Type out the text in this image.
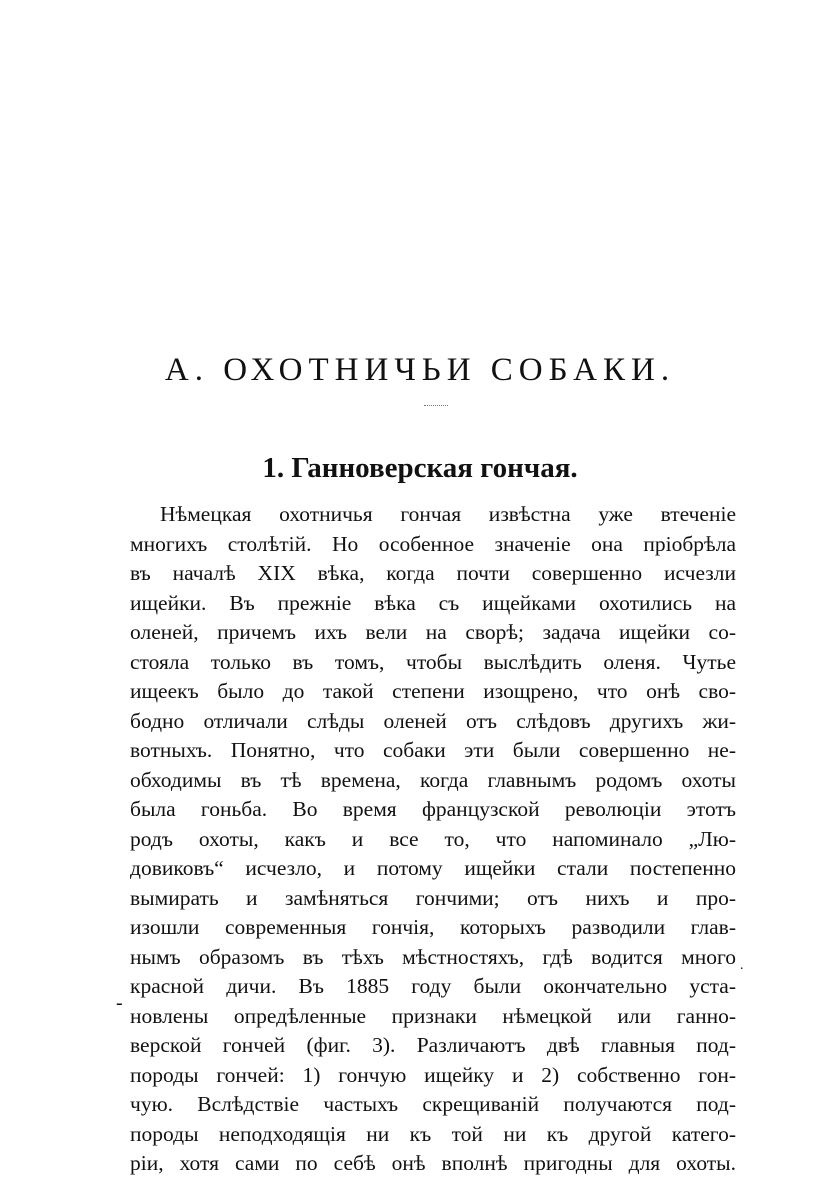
А. ОХОТНИЧЬИ СОБАКИ.
1. Ганноверская гончая.
Нѣмецкая охотничья гончая извѣстна уже втеченіе
многихъ столѣтій. Но особенное значеніе она пріобрѣла
въ началѣ XIX вѣка, когда почти совершенно исчезли
ищейки. Въ прежніе вѣка съ ищейками охотились на
оленей, причемъ ихъ вели на сворѣ; задача ищейки со-
стояла только въ томъ, чтобы выслѣдить оленя. Чутье
ищеекъ было до такой степени изощрено, что онѣ сво-
бодно отличали слѣды оленей отъ слѣдовъ другихъ жи-
вотныхъ. Понятно, что собаки эти были совершенно не-
обходимы въ тѣ времена, когда главнымъ родомъ охоты
была гоньба. Во время французской революціи этотъ
родъ охоты, какъ и все то, что напоминало „Лю-
довиковъ“ исчезло, и потому ищейки стали постепенно
вымирать и замѣняться гончими; отъ нихъ и про-
изошли современныя гончія, которыхъ разводили глав-
нымъ образомъ въ тѣхъ мѣстностяхъ, гдѣ водится много
красной дичи. Въ 1885 году были окончательно уста-
новлены опредѣленные признаки нѣмецкой или ганно-
верской гончей (фиг. 3). Различаютъ двѣ главныя под-
породы гончей: 1) гончую ищейку и 2) собственно гон-
чую. Вслѣдствіе частыхъ скрещиваній получаются под-
породы неподходящія ни къ той ни къ другой катего-
ріи, хотя сами по себѣ онѣ вполнѣ пригодны для охоты.
-
.
